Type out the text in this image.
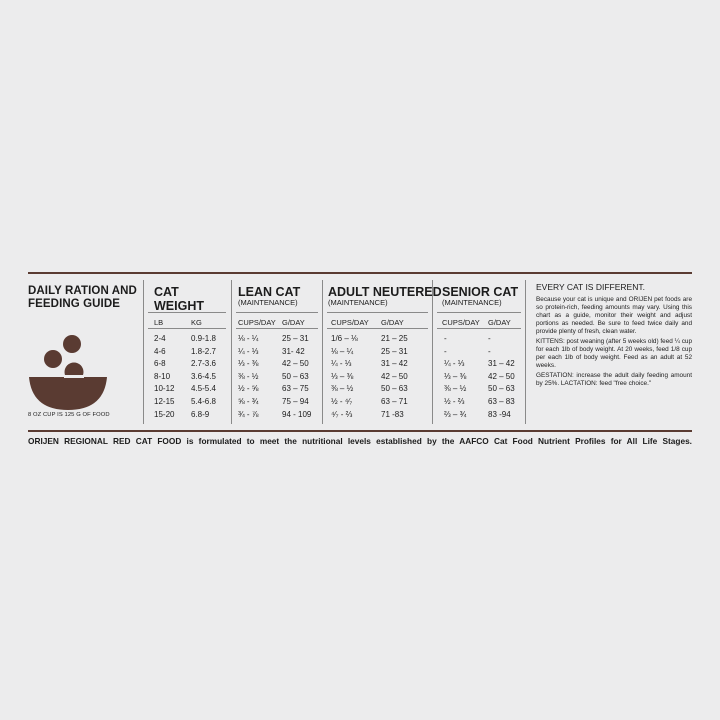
DAILY RATION AND
FEEDING GUIDE
8 OZ CUP IS 125 G OF FOOD
CAT
WEIGHT
LB	KG
2-4
4-6
6-8
8-10
10-12
12-15
15-20
0.9-1.8
1.8-2.7
2.7-3.6
3.6-4.5
4.5-5.4
5.4-6.8
6.8-9
LEAN CAT
(MAINTENANCE)
CUPS/DAY G/DAY
⅛ - ¼
¼ - ⅓
⅓ - ⅜
⅜ - ½
½ - ⅝
⅝ - ¾
¾ - ⅞
25 – 31
31- 42
42 – 50
50 – 63
63 – 75
75 – 94
94 - 109
ADULT NEUTERED
(MAINTENANCE)
CUPS/DAY G/DAY
1/6 – ⅛
⅛ – ¼
¼ - ⅓
⅓ – ⅜
⅜ – ½
½ - ⁴⁄₇
⁴⁄₇ - ⅔
21 – 25
25 – 31
31 – 42
42 – 50
50 – 63
63 – 71
71 -83
SENIOR CAT
(MAINTENANCE)
CUPS/DAY G/DAY
-
-
¼ - ⅓
⅓ – ⅜
⅜ – ½
½ - ⅔
⅔ – ¾
-
-
31 – 42
42 – 50
50 – 63
63 – 83
83 -94
EVERY CAT IS DIFFERENT.

Because your cat is unique and ORIJEN pet foods are so protein-rich, feeding amounts may vary. Using this chart as a guide, monitor their weight and adjust portions as needed. Be sure to feed twice daily and provide plenty of fresh, clean water.

KITTENS: post weaning (after 5 weeks old) feed ¼ cup for each 1lb of body weight. At 20 weeks, feed 1/8 cup per each 1lb of body weight. Feed as an adult at 52 weeks.

GESTATION: increase the adult daily feeding amount by 25%. LACTATION: feed "free choice."

ORIJEN REGIONAL RED CAT FOOD is formulated to meet the nutritional levels established by the AAFCO Cat Food Nutrient Profiles for All Life Stages.
